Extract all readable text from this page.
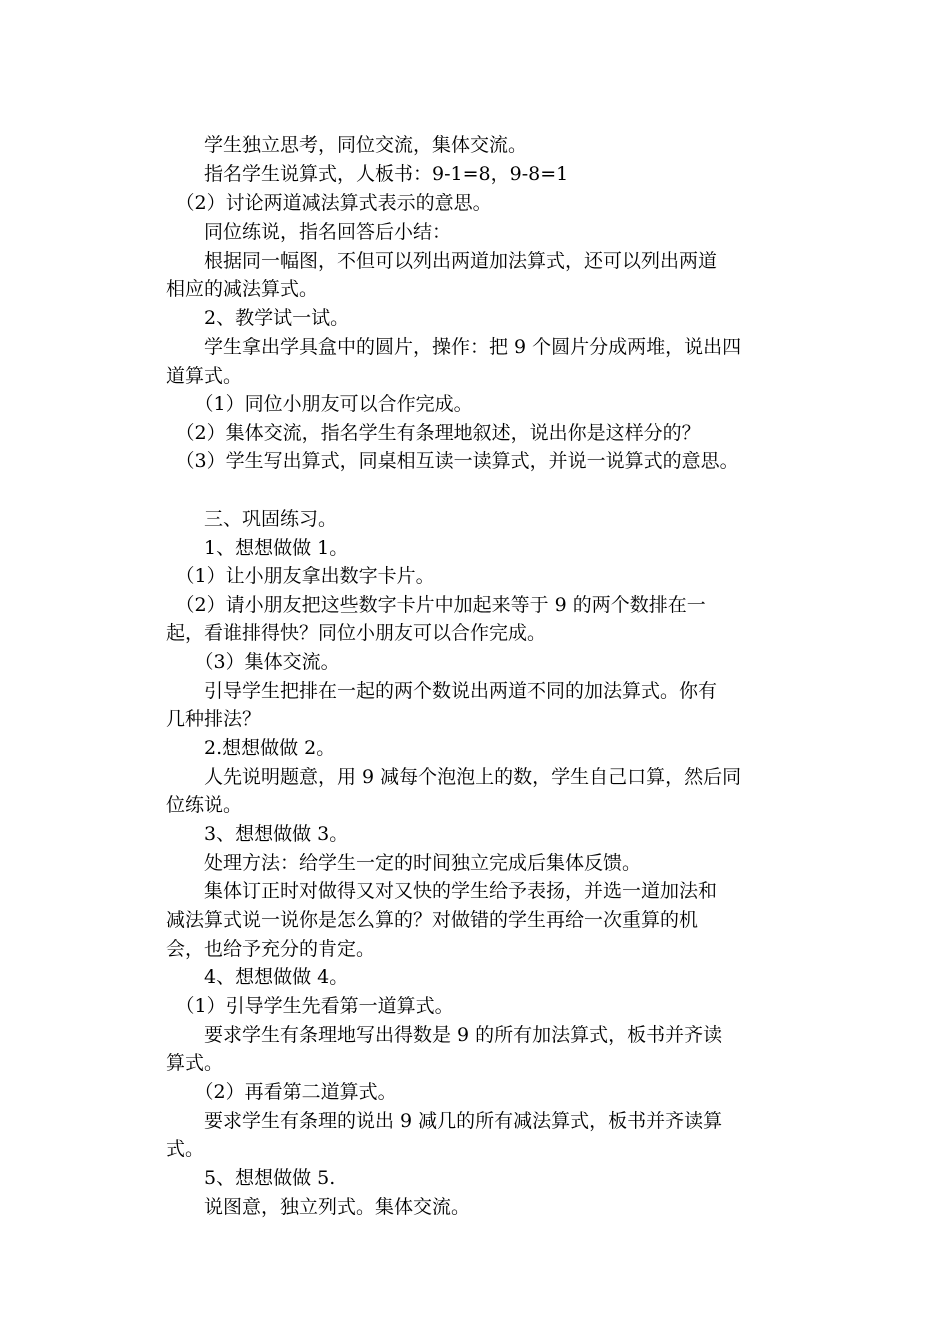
　　学生独立思考，同位交流，集体交流。
　　指名学生说算式，人板书：9-1=8，9-8=1
　（2）讨论两道减法算式表示的意思。
　　同位练说，指名回答后小结：
　　根据同一幅图，不但可以列出两道加法算式，还可以列出两道
相应的减法算式。
　　2、教学试一试。
　　学生拿出学具盒中的圆片，操作：把 9 个圆片分成两堆，说出四
道算式。
　　（1）同位小朋友可以合作完成。
　（2）集体交流，指名学生有条理地叙述，说出你是这样分的？
　（3）学生写出算式，同桌相互读一读算式，并说一说算式的意思。
　　三、巩固练习。
　　1、想想做做 1。
　（1）让小朋友拿出数字卡片。
　（2）请小朋友把这些数字卡片中加起来等于 9 的两个数排在一
起，看谁排得快？同位小朋友可以合作完成。
　　（3）集体交流。
　　引导学生把排在一起的两个数说出两道不同的加法算式。你有
几种排法？
　　2.想想做做 2。
　　人先说明题意，用 9 减每个泡泡上的数，学生自己口算，然后同
位练说。
　　3、想想做做 3。
　　处理方法：给学生一定的时间独立完成后集体反馈。
　　集体订正时对做得又对又快的学生给予表扬，并选一道加法和
减法算式说一说你是怎么算的？对做错的学生再给一次重算的机
会，也给予充分的肯定。
　　4、想想做做 4。
　（1）引导学生先看第一道算式。
　　要求学生有条理地写出得数是 9 的所有加法算式，板书并齐读
算式。
　　（2）再看第二道算式。
　　要求学生有条理的说出 9 减几的所有减法算式，板书并齐读算
式。
　　5、想想做做 5.
　　说图意，独立列式。集体交流。
